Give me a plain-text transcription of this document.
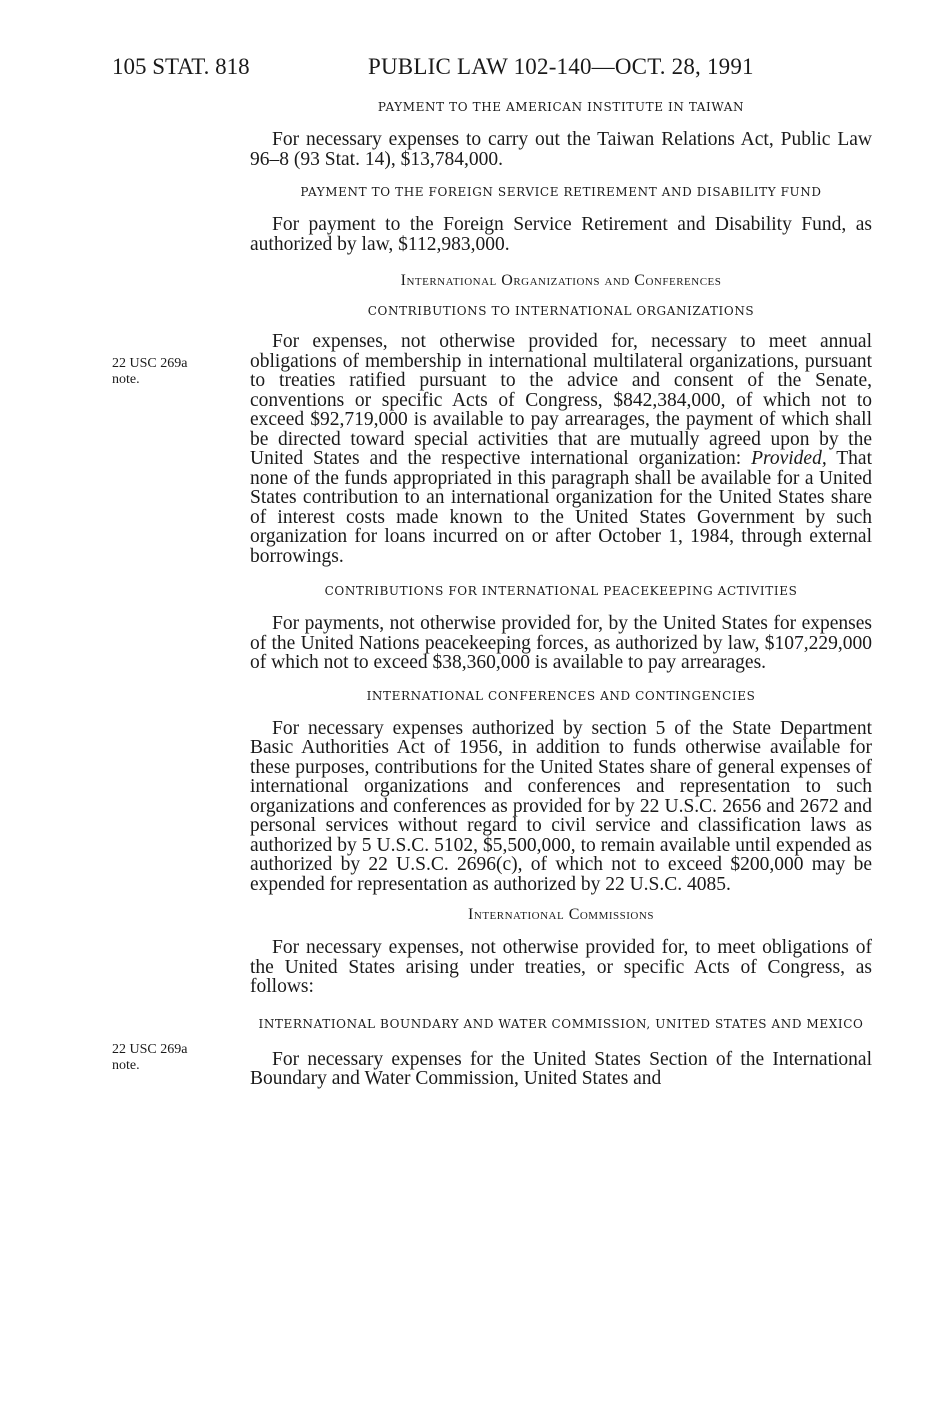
105 STAT. 818	PUBLIC LAW 102-140—OCT. 28, 1991
22 USC 269a
note.
22 USC 269a
note.
PAYMENT TO THE AMERICAN INSTITUTE IN TAIWAN

For necessary expenses to carry out the Taiwan Relations Act, Public Law 96–8 (93 Stat. 14), $13,784,000.

PAYMENT TO THE FOREIGN SERVICE RETIREMENT AND DISABILITY FUND

For payment to the Foreign Service Retirement and Disability Fund, as authorized by law, $112,983,000.

International Organizations and Conferences
CONTRIBUTIONS TO INTERNATIONAL ORGANIZATIONS

For expenses, not otherwise provided for, necessary to meet annual obligations of membership in international multilateral organizations, pursuant to treaties ratified pursuant to the advice and consent of the Senate, conventions or specific Acts of Congress, $842,384,000, of which not to exceed $92,719,000 is available to pay arrearages, the payment of which shall be directed toward special activities that are mutually agreed upon by the United States and the respective international organization: Provided, That none of the funds appropriated in this paragraph shall be available for a United States contribution to an international organization for the United States share of interest costs made known to the United States Government by such organization for loans incurred on or after October 1, 1984, through external borrowings.

CONTRIBUTIONS FOR INTERNATIONAL PEACEKEEPING ACTIVITIES

For payments, not otherwise provided for, by the United States for expenses of the United Nations peacekeeping forces, as authorized by law, $107,229,000 of which not to exceed $38,360,000 is available to pay arrearages.

INTERNATIONAL CONFERENCES AND CONTINGENCIES

For necessary expenses authorized by section 5 of the State Department Basic Authorities Act of 1956, in addition to funds otherwise available for these purposes, contributions for the United States share of general expenses of international organizations and conferences and representation to such organizations and conferences as provided for by 22 U.S.C. 2656 and 2672 and personal services without regard to civil service and classification laws as authorized by 5 U.S.C. 5102, $5,500,000, to remain available until expended as authorized by 22 U.S.C. 2696(c), of which not to exceed $200,000 may be expended for representation as authorized by 22 U.S.C. 4085.

International Commissions

For necessary expenses, not otherwise provided for, to meet obligations of the United States arising under treaties, or specific Acts of Congress, as follows:

INTERNATIONAL BOUNDARY AND WATER COMMISSION, UNITED STATES AND MEXICO

For necessary expenses for the United States Section of the International Boundary and Water Commission, United States and
